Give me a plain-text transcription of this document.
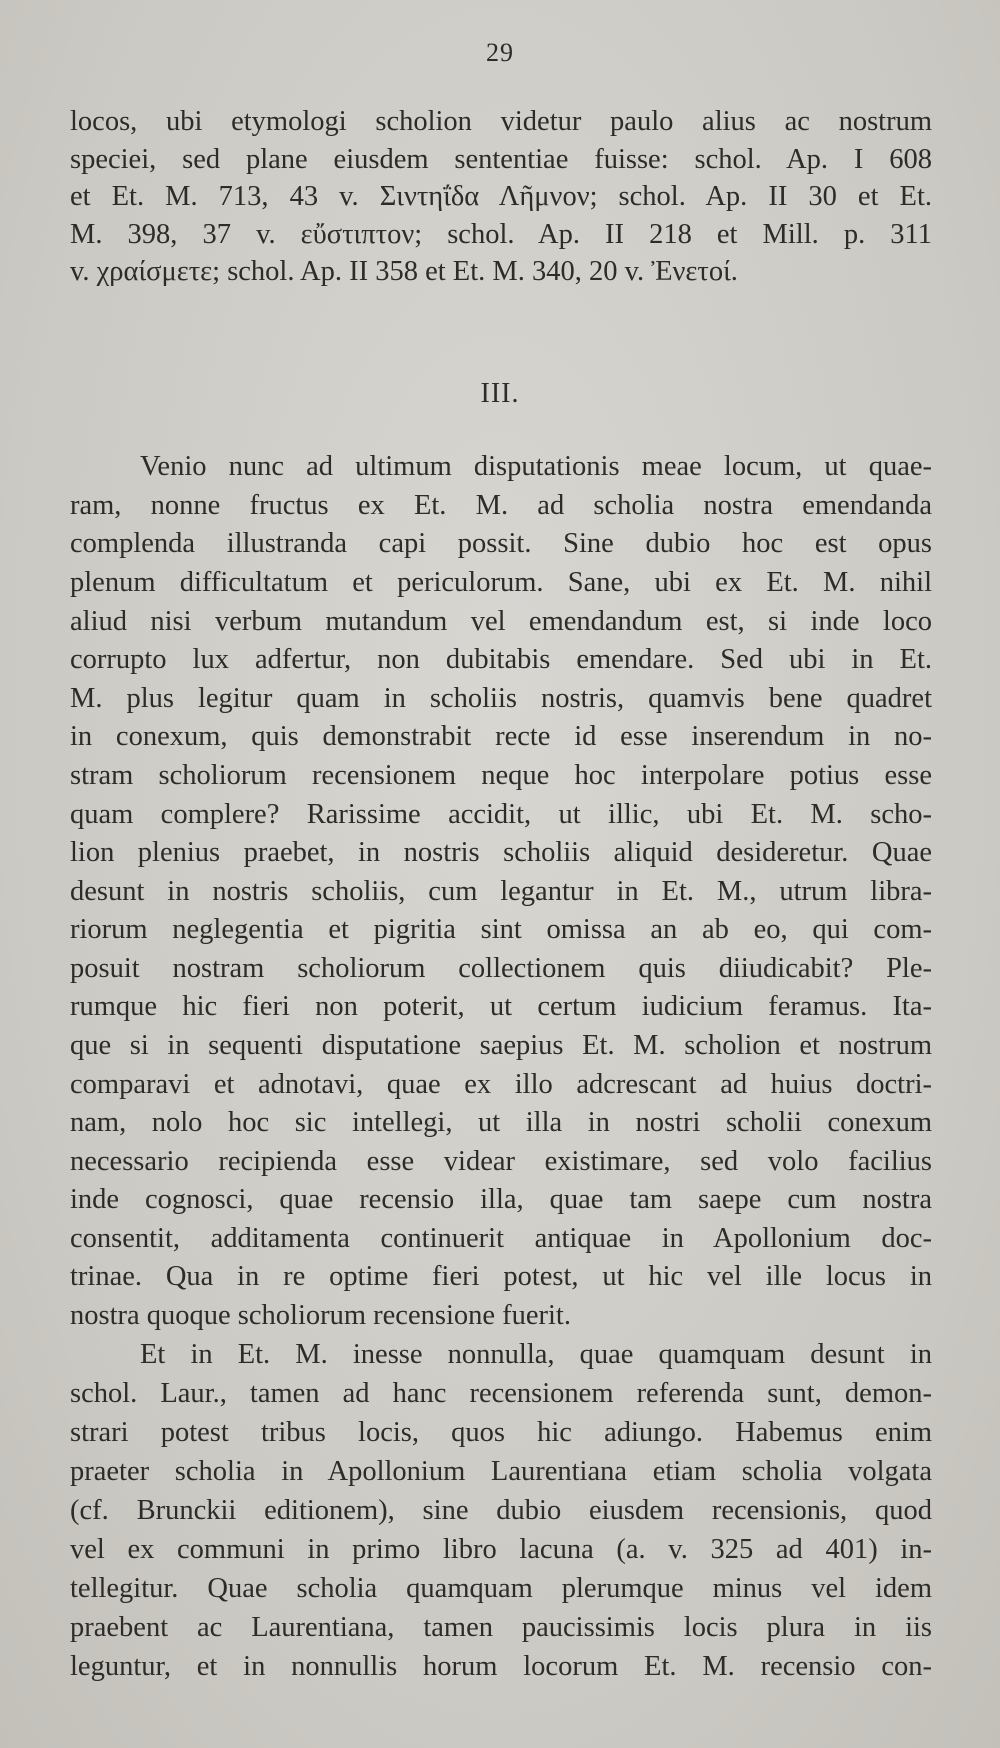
29
locos, ubi etymologi scholion videtur paulo alius ac nostrum
speciei, sed plane eiusdem sententiae fuisse: schol. Ap. I 608
et Et. M. 713, 43 v. Σιντηΐδα Λῆμνον; schol. Ap. II 30 et Et.
M. 398, 37 v. εὔστιπτον; schol. Ap. II 218 et Mill. p. 311
v. χραίσμετε; schol. Ap. II 358 et Et. M. 340, 20 v. Ἐνετοί.
III.
Venio nunc ad ultimum disputationis meae locum, ut quae-
ram, nonne fructus ex Et. M. ad scholia nostra emendanda
complenda illustranda capi possit. Sine dubio hoc est opus
plenum difficultatum et periculorum. Sane, ubi ex Et. M. nihil
aliud nisi verbum mutandum vel emendandum est, si inde loco
corrupto lux adfertur, non dubitabis emendare. Sed ubi in Et.
M. plus legitur quam in scholiis nostris, quamvis bene quadret
in conexum, quis demonstrabit recte id esse inserendum in no-
stram scholiorum recensionem neque hoc interpolare potius esse
quam complere? Rarissime accidit, ut illic, ubi Et. M. scho-
lion plenius praebet, in nostris scholiis aliquid desideretur. Quae
desunt in nostris scholiis, cum legantur in Et. M., utrum libra-
riorum neglegentia et pigritia sint omissa an ab eo, qui com-
posuit nostram scholiorum collectionem quis diiudicabit? Ple-
rumque hic fieri non poterit, ut certum iudicium feramus. Ita-
que si in sequenti disputatione saepius Et. M. scholion et nostrum
comparavi et adnotavi, quae ex illo adcrescant ad huius doctri-
nam, nolo hoc sic intellegi, ut illa in nostri scholii conexum
necessario recipienda esse videar existimare, sed volo facilius
inde cognosci, quae recensio illa, quae tam saepe cum nostra
consentit, additamenta continuerit antiquae in Apollonium doc-
trinae. Qua in re optime fieri potest, ut hic vel ille locus in
nostra quoque scholiorum recensione fuerit.
Et in Et. M. inesse nonnulla, quae quamquam desunt in
schol. Laur., tamen ad hanc recensionem referenda sunt, demon-
strari potest tribus locis, quos hic adiungo. Habemus enim
praeter scholia in Apollonium Laurentiana etiam scholia volgata
(cf. Brunckii editionem), sine dubio eiusdem recensionis, quod
vel ex communi in primo libro lacuna (a. v. 325 ad 401) in-
tellegitur. Quae scholia quamquam plerumque minus vel idem
praebent ac Laurentiana, tamen paucissimis locis plura in iis
leguntur, et in nonnullis horum locorum Et. M. recensio con-
